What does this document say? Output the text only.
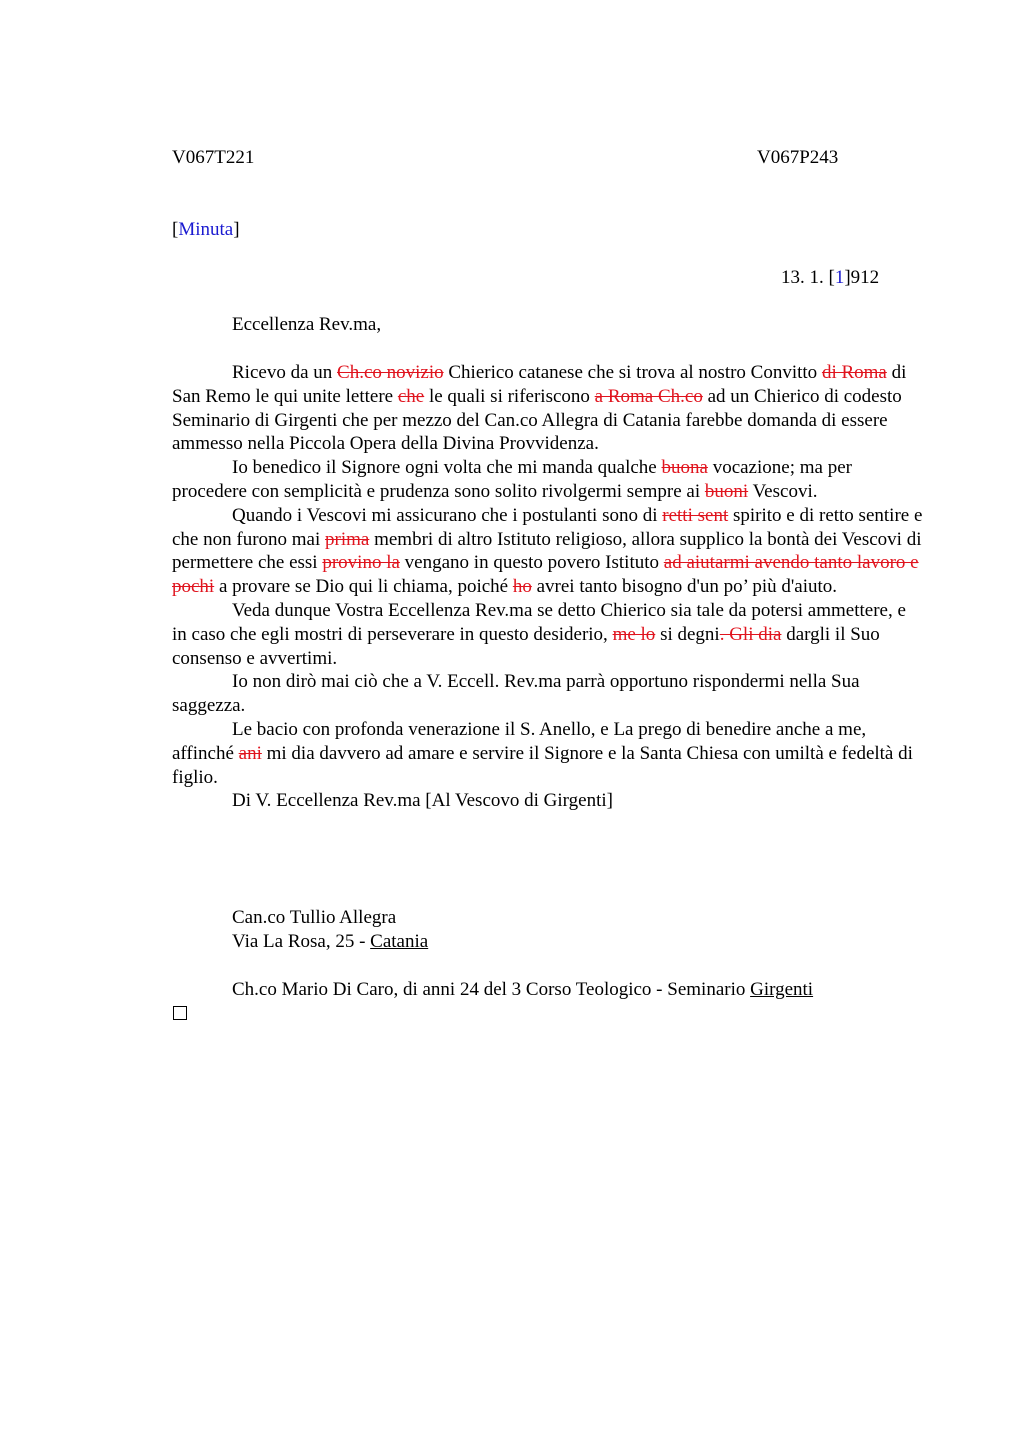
V067T221	V067P243
[Minuta]
13. 1. [1]912
Eccellenza Rev.ma,

Ricevo da un Ch.co novizio Chierico catanese che si trova al nostro Convitto di Roma di San Remo le qui unite lettere che le quali si riferiscono a Roma Ch.co ad un Chierico di codesto Seminario di Girgenti che per mezzo del Can.co Allegra di Catania farebbe domanda di essere ammesso nella Piccola Opera della Divina Provvidenza.

Io benedico il Signore ogni volta che mi manda qualche buona vocazione; ma per procedere con semplicità e prudenza sono solito rivolgermi sempre ai buoni Vescovi.

Quando i Vescovi mi assicurano che i postulanti sono di retti sent spirito e di retto sentire e che non furono mai prima membri di altro Istituto religioso, allora supplico la bontà dei Vescovi di permettere che essi provino la vengano in questo povero Istituto ad aiutarmi avendo tanto lavoro e pochi a provare se Dio qui li chiama, poiché ho avrei tanto bisogno d'un po’ più d'aiuto.

Veda dunque Vostra Eccellenza Rev.ma se detto Chierico sia tale da potersi ammettere, e in caso che egli mostri di perseverare in questo desiderio, me lo si degni. Gli dia dargli il Suo consenso e avvertimi.

Io non dirò mai ciò che a V. Eccell. Rev.ma parrà opportuno rispondermi nella Sua saggezza.

Le bacio con profonda venerazione il S. Anello, e La prego di benedire anche a me, affinché ani mi dia davvero ad amare e servire il Signore e la Santa Chiesa con umiltà e fedeltà di figlio.

Di V. Eccellenza Rev.ma [Al Vescovo di Girgenti]

Can.co Tullio Allegra
Via La Rosa, 25 - Catania
Ch.co Mario Di Caro, di anni 24 del 3 Corso Teologico - Seminario Girgenti
